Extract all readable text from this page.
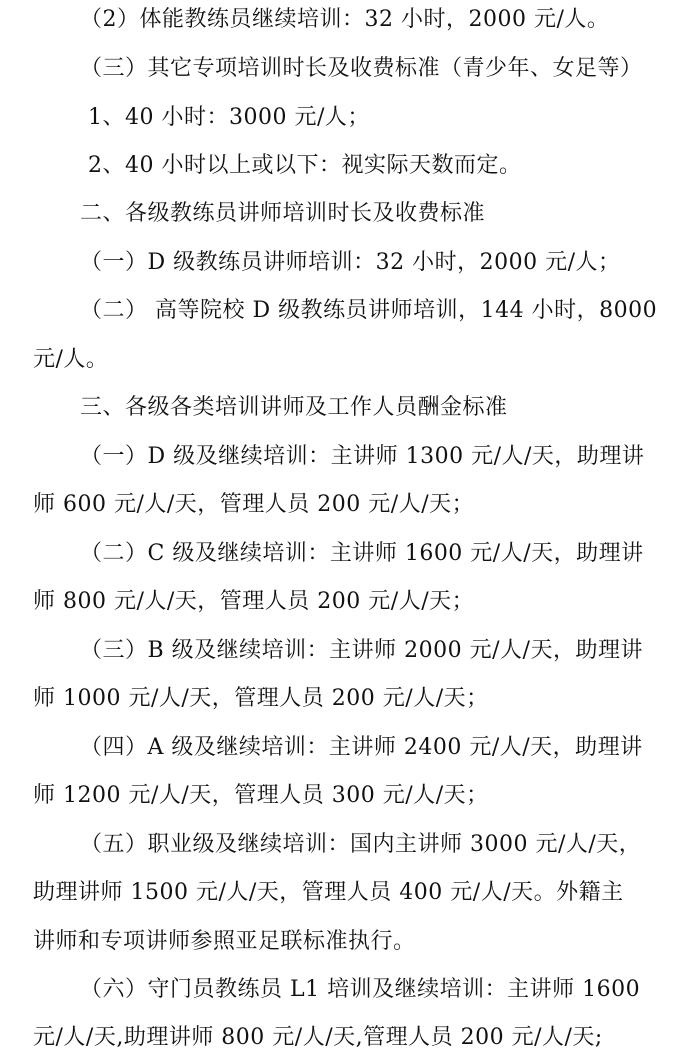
（2）体能教练员继续培训：32 小时，2000 元/人。
（三）其它专项培训时长及收费标准（青少年、女足等）
1、40 小时：3000 元/人；
2、40 小时以上或以下：视实际天数而定。
二、各级教练员讲师培训时长及收费标准
（一）D 级教练员讲师培训：32 小时，2000 元/人；
（二） 高等院校 D 级教练员讲师培训，144 小时，8000
元/人。
三、各级各类培训讲师及工作人员酬金标准
（一）D 级及继续培训：主讲师 1300 元/人/天，助理讲
师 600 元/人/天，管理人员 200 元/人/天；
（二）C 级及继续培训：主讲师 1600 元/人/天，助理讲
师 800 元/人/天，管理人员 200 元/人/天；
（三）B 级及继续培训：主讲师 2000 元/人/天，助理讲
师 1000 元/人/天，管理人员 200 元/人/天；
（四）A 级及继续培训：主讲师 2400 元/人/天，助理讲
师 1200 元/人/天，管理人员 300 元/人/天；
（五）职业级及继续培训：国内主讲师 3000 元/人/天，
助理讲师 1500 元/人/天，管理人员 400 元/人/天。外籍主
讲师和专项讲师参照亚足联标准执行。
（六）守门员教练员 L1 培训及继续培训：主讲师 1600
元/人/天,助理讲师 800 元/人/天,管理人员 200 元/人/天;
